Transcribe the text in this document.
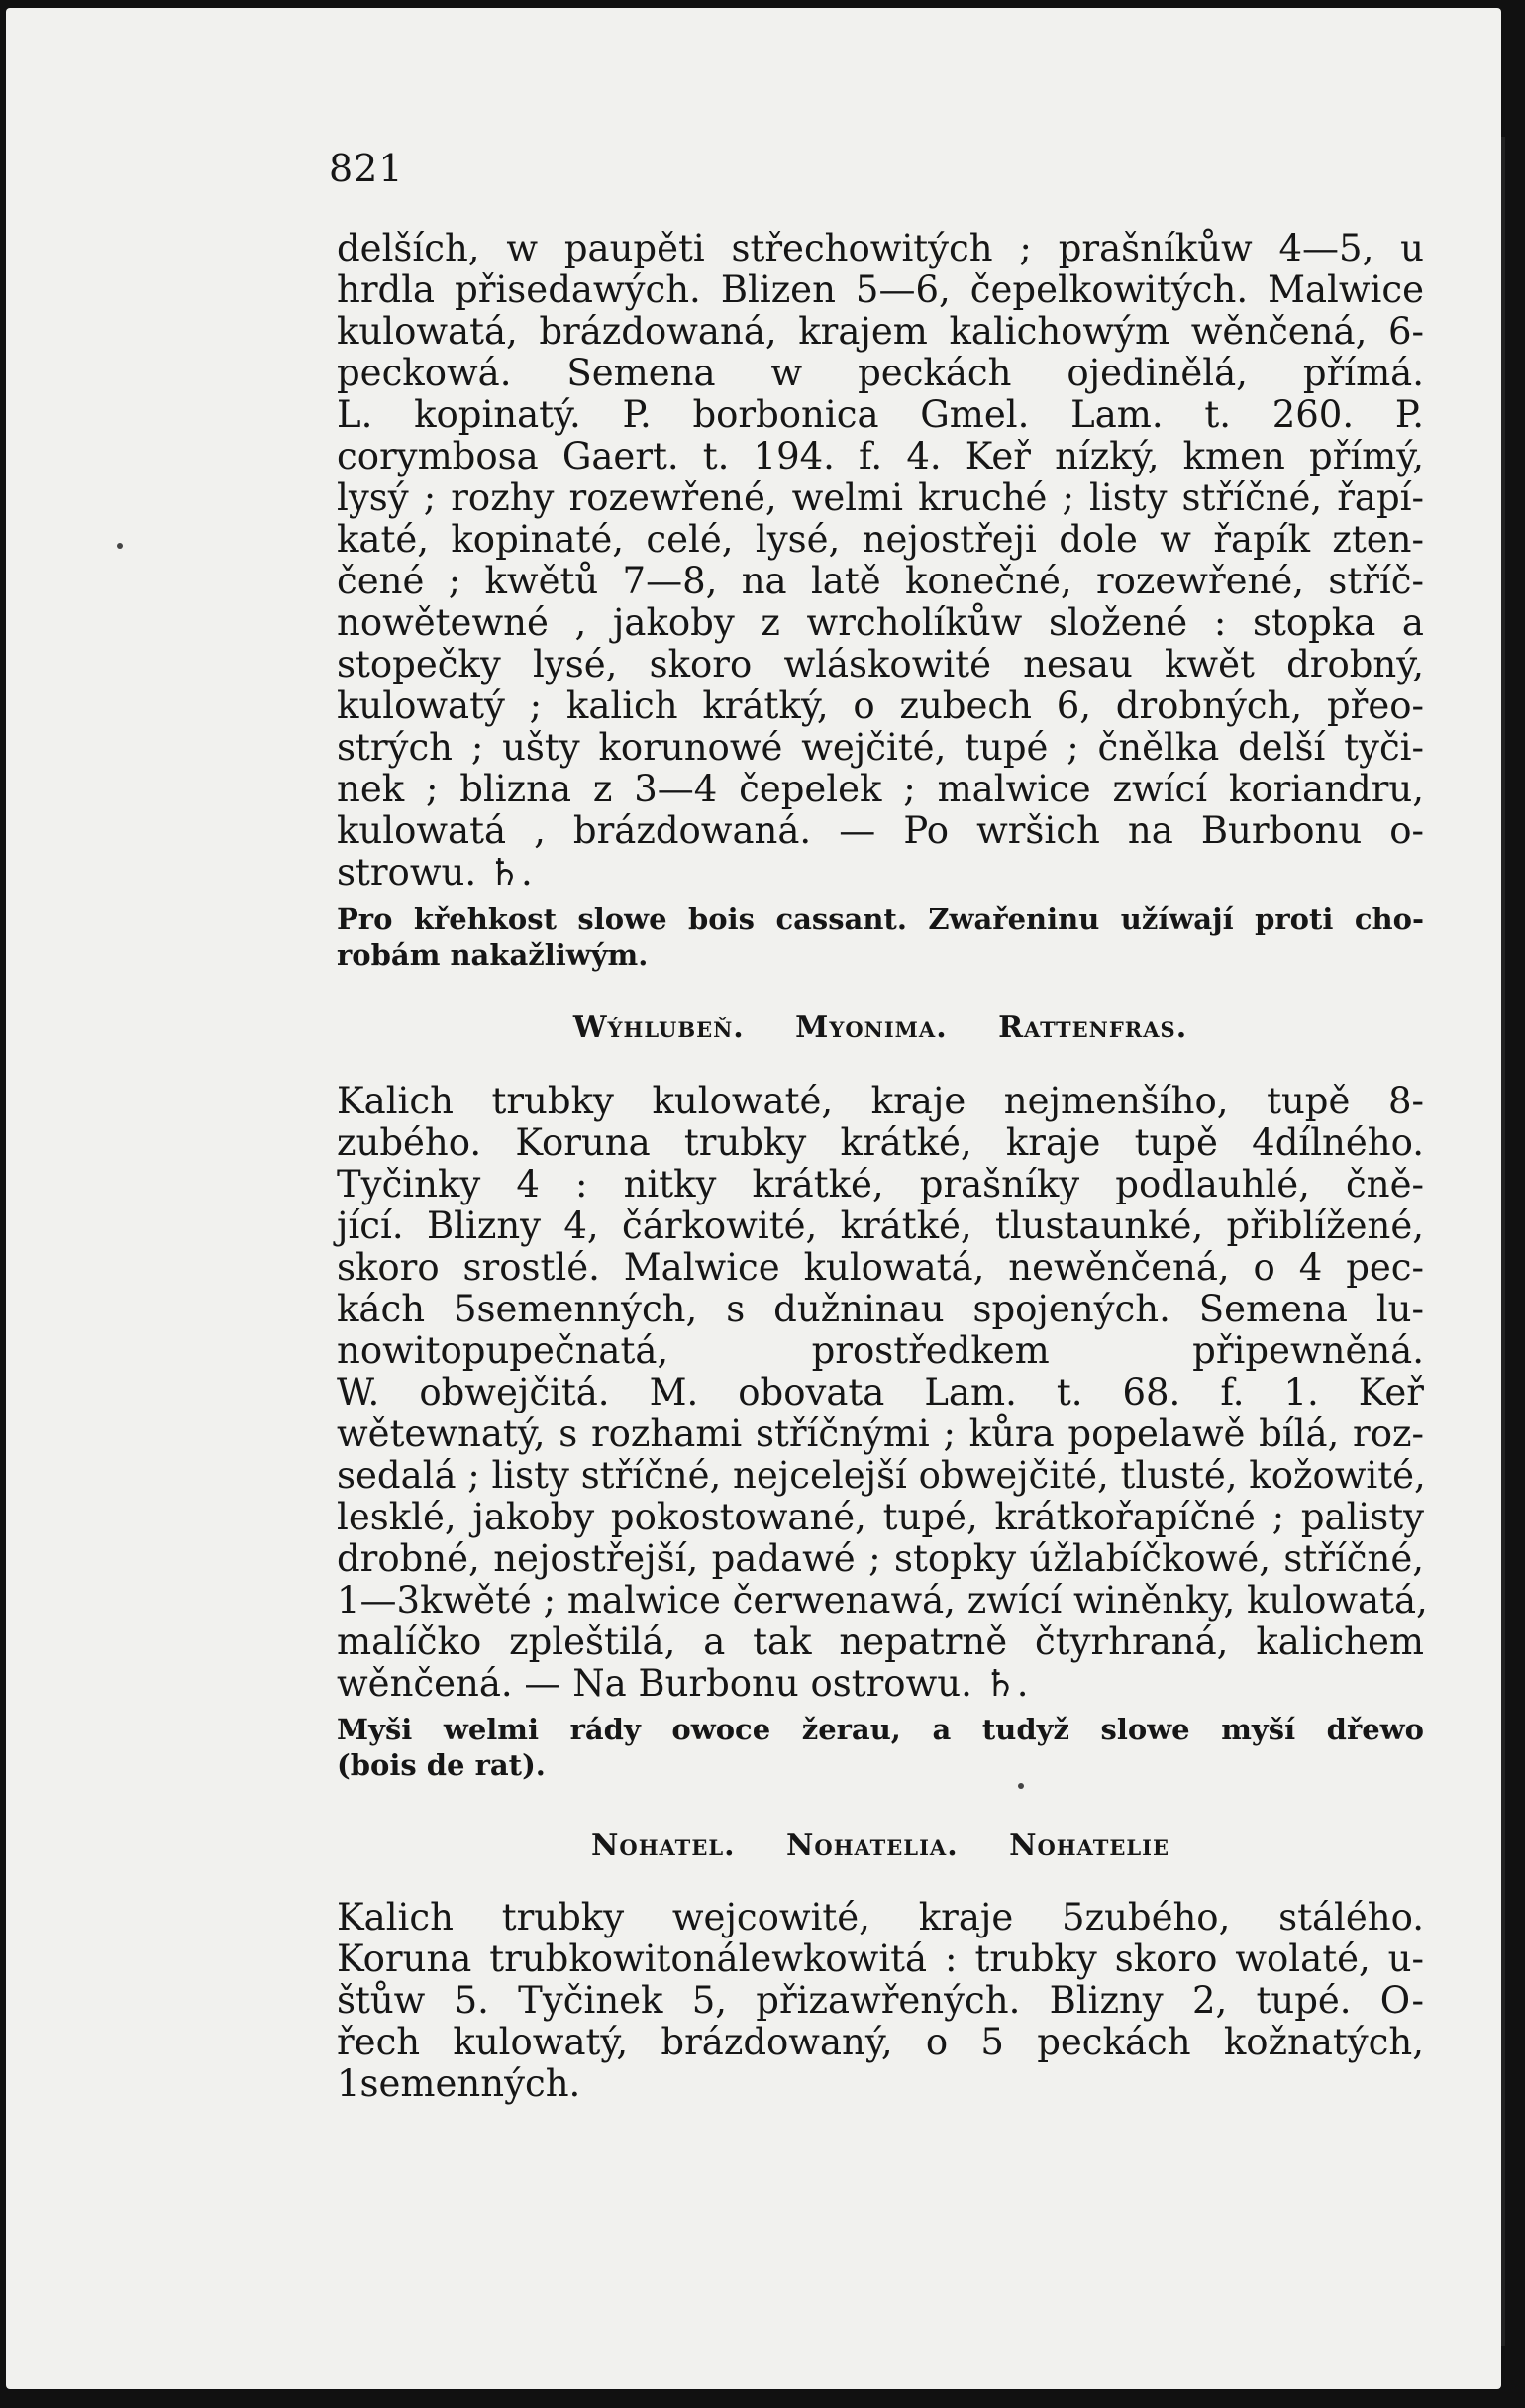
821
delších, w paupěti střechowitých ; prašníkůw 4—5, u
hrdla přisedawých. Blizen 5—6, čepelkowitých. Malwice
kulowatá, brázdowaná, krajem kalichowým wěnčená, 6-
peckowá. Semena w peckách ojedinělá, přímá.
L. kopinatý. P. borbonica Gmel. Lam. t. 260. P.
corymbosa Gaert. t. 194. f. 4. Keř nízký, kmen přímý,
lysý ; rozhy rozewřené, welmi kruché ; listy stříčné, řapí-
katé, kopinaté, celé, lysé, nejostřeji dole w řapík zten-
čené ; kwětů 7—8, na latě konečné, rozewřené, stříč-
nowětewné , jakoby z wrcholíkůw složené : stopka a
stopečky lysé, skoro wláskowité nesau kwět drobný,
kulowatý ; kalich krátký, o zubech 6, drobných, přeo-
strých ; ušty korunowé wejčité, tupé ; čnělka delší tyči-
nek ; blizna z 3—4 čepelek ; malwice zwící koriandru,
kulowatá , brázdowaná. — Po wršich na Burbonu o-
strowu. ♄.
Pro křehkost slowe bois cassant. Zwařeninu užíwají proti cho-
robám nakažliwým.
Wýhlubeň. Myonima. Rattenfras.
Kalich trubky kulowaté, kraje nejmenšího, tupě 8-
zubého. Koruna trubky krátké, kraje tupě 4dílného.
Tyčinky 4 : nitky krátké, prašníky podlauhlé, čně-
jící. Blizny 4, čárkowité, krátké, tlustaunké, přiblížené,
skoro srostlé. Malwice kulowatá, newěnčená, o 4 pec-
kách 5semenných, s dužninau spojených. Semena lu-
nowitopupečnatá, prostředkem připewněná.
W. obwejčitá. M. obovata Lam. t. 68. f. 1. Keř
wětewnatý, s rozhami stříčnými ; kůra popelawě bílá, roz-
sedalá ; listy stříčné, nejcelejší obwejčité, tlusté, kožowité,
lesklé, jakoby pokostowané, tupé, krátkořapíčné ; palisty
drobné, nejostřejší, padawé ; stopky úžlabíčkowé, stříčné,
1—3kwěté ; malwice čerwenawá, zwící winěnky, kulowatá,
malíčko zpleštilá, a tak nepatrně čtyrhraná, kalichem
wěnčená. — Na Burbonu ostrowu. ♄.
Myši welmi rády owoce žerau, a tudyž slowe myší dřewo
(bois de rat).
Nohatel. Nohatelia. Nohatelie
Kalich trubky wejcowité, kraje 5zubého, stálého.
Koruna trubkowitonálewkowitá : trubky skoro wolaté, u-
štůw 5. Tyčinek 5, přizawřených. Blizny 2, tupé. O-
řech kulowatý, brázdowaný, o 5 peckách kožnatých,
1semenných.
